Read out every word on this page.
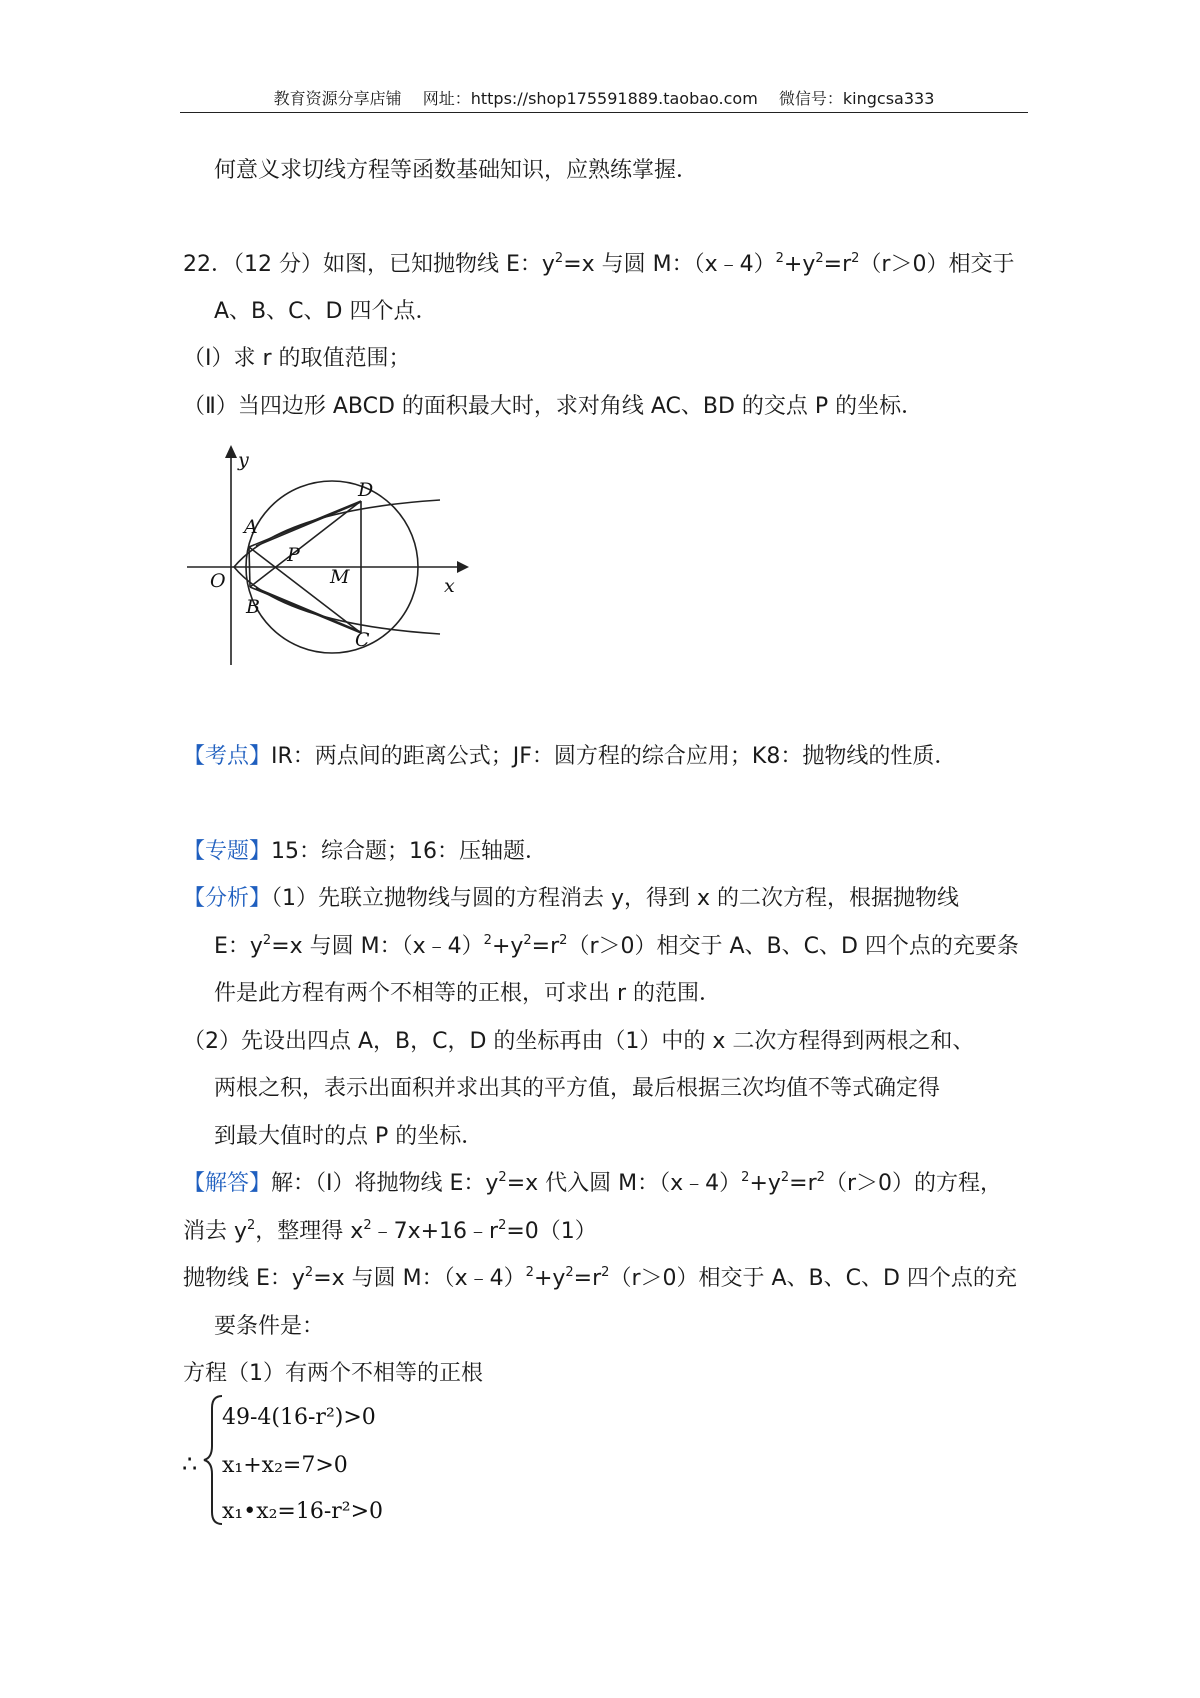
教育资源分享店铺 网址：https://shop175591889.taobao.com 微信号：kingcsa333
何意义求切线方程等函数基础知识，应熟练掌握．
22．（12 分）如图，已知抛物线 E：$y^2=x$ 与圆 M：$(x﹣4)^2+y^2=r^2(r>0)$相交于
A、B、C、D 四个点．
（Ⅰ）求 r 的取值范围；
（Ⅱ）当四边形 ABCD 的面积最大时，求对角线 AC、BD 的交点 P 的坐标．
y
x
O
A
B
C
D
P
M
【考点】IR：两点间的距离公式；JF：圆方程的综合应用；K8：抛物线的性质．
【专题】15：综合题；16：压轴题．
【分析】（1）先联立抛物线与圆的方程消去 y，得到 x 的二次方程，根据抛物线
E：$y^2=x$ 与圆 M：$(x﹣4)^2+y^2=r^2(r>0)$相交于 A、B、C、D 四个点的充要条
件是此方程有两个不相等的正根，可求出 r 的范围．
（2）先设出四点 A，B，C，D 的坐标再由（1）中的 x 二次方程得到两根之和、
两根之积，表示出面积并求出其的平方值，最后根据三次均值不等式确定得
到最大值时的点 P 的坐标．
【解答】解：（Ⅰ）将抛物线 E：$y^2=x$ 代入圆 M：$(x﹣4)^2+y^2=r^2(r>0)$的方程，
消去 $y^2$，整理得 $x^2﹣7x+16﹣r^2=0(1)$
抛物线 E：$y^2=x$ 与圆 M：$(x﹣4)^2+y^2=r^2(r>0)$相交于 A、B、C、D 四个点的充
要条件是：
方程（1）有两个不相等的正根
∴
49-4(16-r²)>0
x₁+x₂=7>0
x₁•x₂=16-r²>0
